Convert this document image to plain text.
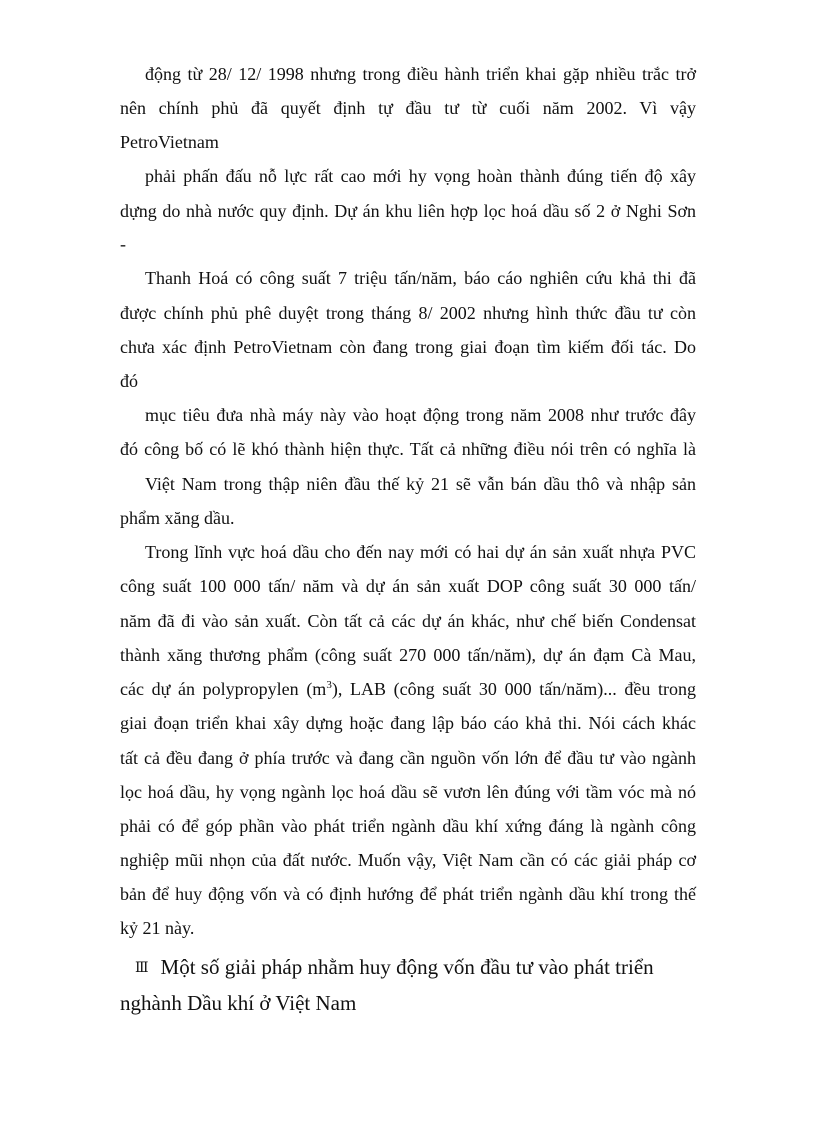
động từ 28/ 12/ 1998 nhưng trong điều hành triển khai gặp nhiều trắc trở
nên chính phủ đã quyết định tự đầu tư từ cuối năm 2002. Vì vậy
PetroVietnam
phải phấn đấu nỗ lực rất cao mới hy vọng hoàn thành đúng tiến độ xây
dựng do nhà nước quy định. Dự án khu liên hợp lọc hoá dầu số 2 ở Nghi Sơn
-
Thanh Hoá có công suất 7 triệu tấn/năm, báo cáo nghiên cứu khả thi đã
được chính phủ phê duyệt trong tháng 8/ 2002 nhưng hình thức đầu tư còn
chưa xác định PetroVietnam còn đang trong giai đoạn tìm kiếm đối tác. Do
đó
mục tiêu đưa nhà máy này vào hoạt động trong năm 2008 như trước đây
đó công bố có lẽ khó thành hiện thực. Tất cả những điều nói trên có nghĩa là
Việt Nam trong thập niên đầu thế kỷ 21 sẽ vẫn bán dầu thô và nhập sản
phẩm xăng dầu.
Trong lĩnh vực hoá dầu cho đến nay mới có hai dự án sản xuất nhựa PVC
công suất 100 000 tấn/ năm và dự án sản xuất DOP công suất 30 000 tấn/
năm đã đi vào sản xuất. Còn tất cả các dự án khác, như chế biến Condensat
thành xăng thương phẩm (công suất 270 000 tấn/năm), dự án đạm Cà Mau,
các dự án polypropylen $(m^3)$, LAB (công suất 30 000 tấn/năm)... đều trong
giai đoạn triển khai xây dựng hoặc đang lập báo cáo khả thi. Nói cách khác
tất cả đều đang ở phía trước và đang cần nguồn vốn lớn để đầu tư vào ngành
lọc hoá dầu, hy vọng ngành lọc hoá dầu sẽ vươn lên đúng với tầm vóc mà nó
phải có để góp phần vào phát triển ngành dầu khí xứng đáng là ngành công
nghiệp mũi nhọn của đất nước. Muốn vậy, Việt Nam cần có các giải pháp cơ
bản để huy động vốn và có định hướng để phát triển ngành dầu khí trong thế
kỷ 21 này.
Ⅲ Một số giải pháp nhằm huy động vốn đầu tư vào phát triển
nghành Dầu khí ở Việt Nam
